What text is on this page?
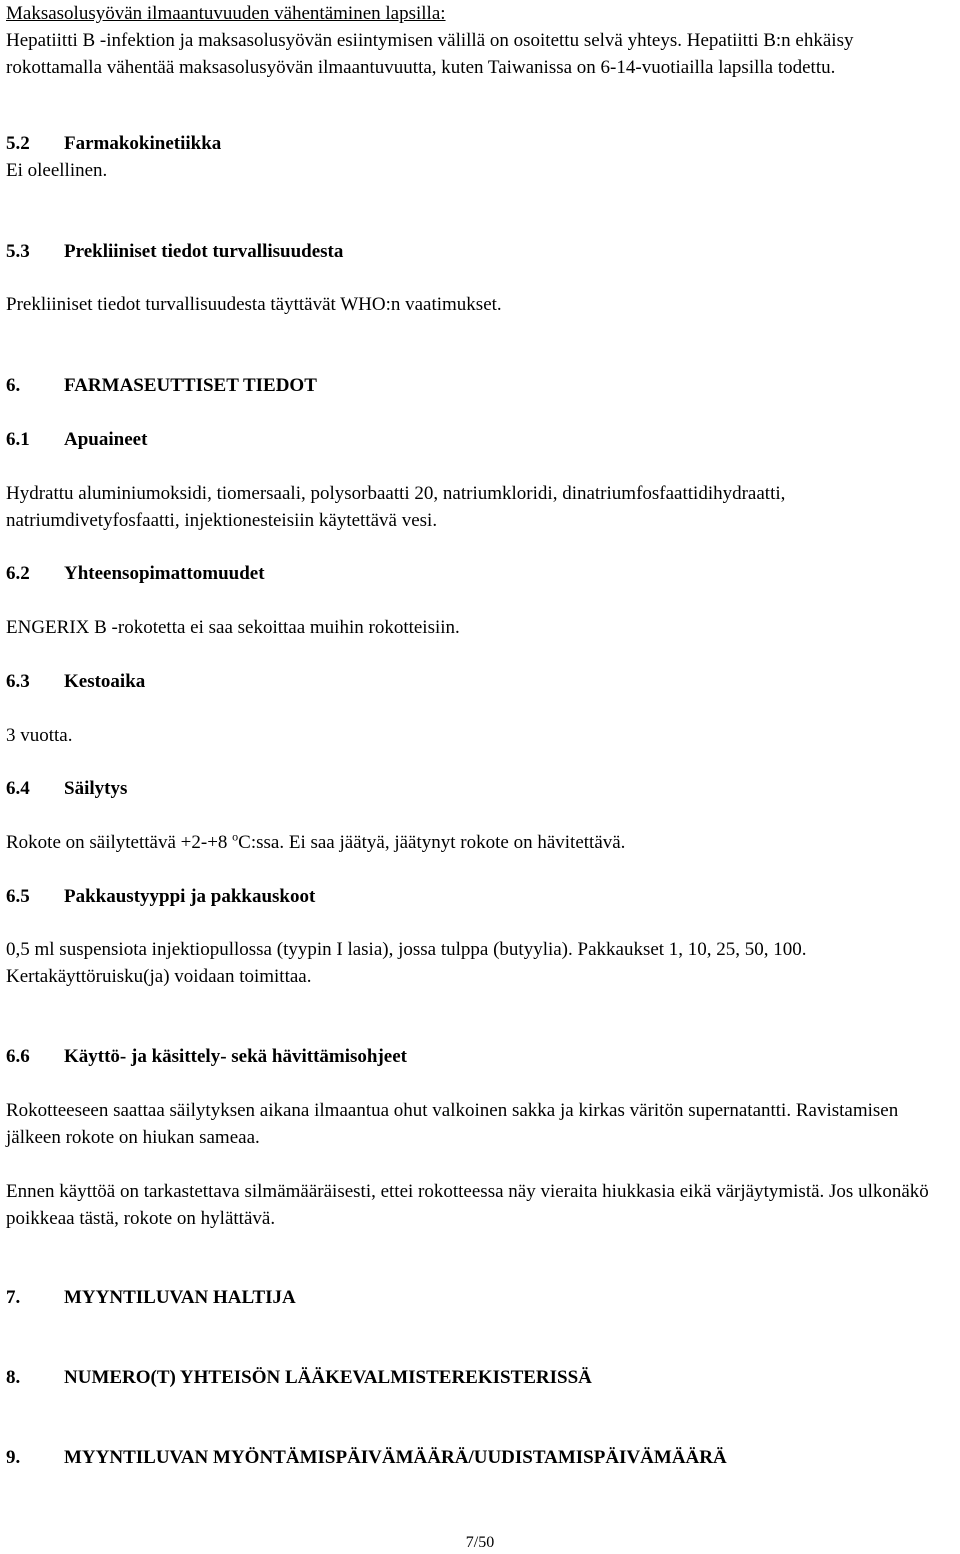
Maksasolusyövän ilmaantuvuuden vähentäminen lapsilla:

Hepatiitti B -infektion ja maksasolusyövän esiintymisen välillä on osoitettu selvä yhteys. Hepatiitti B:n ehkäisy rokottamalla vähentää maksasolusyövän ilmaantuvuutta, kuten Taiwanissa on 6-14-vuotiailla lapsilla todettu.

5.2 Farmakokinetiikka

Ei oleellinen.

5.3 Prekliiniset tiedot turvallisuudesta

Prekliiniset tiedot turvallisuudesta täyttävät WHO:n vaatimukset.

6. FARMASEUTTISET TIEDOT
6.1 Apuaineet

Hydrattu aluminiumoksidi, tiomersaali, polysorbaatti 20, natriumkloridi, dinatriumfosfaattidihydraatti, natriumdivetyfosfaatti, injektionesteisiin käytettävä vesi.

6.2 Yhteensopimattomuudet

ENGERIX B -rokotetta ei saa sekoittaa muihin rokotteisiin.

6.3 Kestoaika

3 vuotta.

6.4 Säilytys

Rokote on säilytettävä +2-+8 $^o$C:ssa. Ei saa jäätyä, jäätynyt rokote on hävitettävä.

6.5 Pakkaustyyppi ja pakkauskoot

0,5 ml suspensiota injektiopullossa (tyypin I lasia), jossa tulppa (butyylia). Pakkaukset 1, 10, 25, 50, 100.

Kertakäyttöruisku(ja) voidaan toimittaa.

6.6 Käyttö- ja käsittely- sekä hävittämisohjeet

Rokotteeseen saattaa säilytyksen aikana ilmaantua ohut valkoinen sakka ja kirkas väritön supernatantti. Ravistamisen jälkeen rokote on hiukan sameaa.

Ennen käyttöä on tarkastettava silmämääräisesti, ettei rokotteessa näy vieraita hiukkasia eikä värjäytymistä. Jos ulkonäkö poikkeaa tästä, rokote on hylättävä.

7. MYYNTILUVAN HALTIJA
8. NUMERO(T) YHTEISÖN LÄÄKEVALMISTEREKISTERISSÄ
9. MYYNTILUVAN MYÖNTÄMISPÄIVÄMÄÄRÄ/UUDISTAMISPÄIVÄMÄÄRÄ
7/50
